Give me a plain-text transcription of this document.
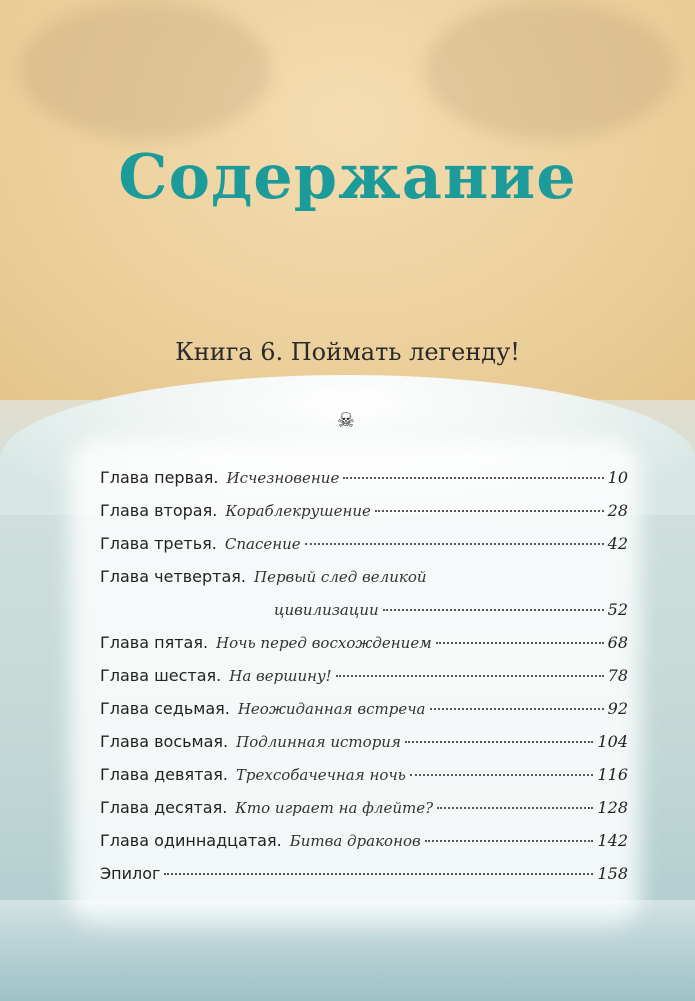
Содержание
Книга 6. Поймать легенду!
☠
Глава первая. Исчезновение	10
Глава вторая. Кораблекрушение	28
Глава третья. Спасение	42
Глава четвертая. Первый след великой
цивилизации	52
Глава пятая. Ночь перед восхождением	68
Глава шестая. На вершину!	78
Глава седьмая. Неожиданная встреча	92
Глава восьмая. Подлинная история	104
Глава девятая. Трехсобачечная ночь	116
Глава десятая. Кто играет на флейте?	128
Глава одиннадцатая. Битва драконов	142
Эпилог	158
